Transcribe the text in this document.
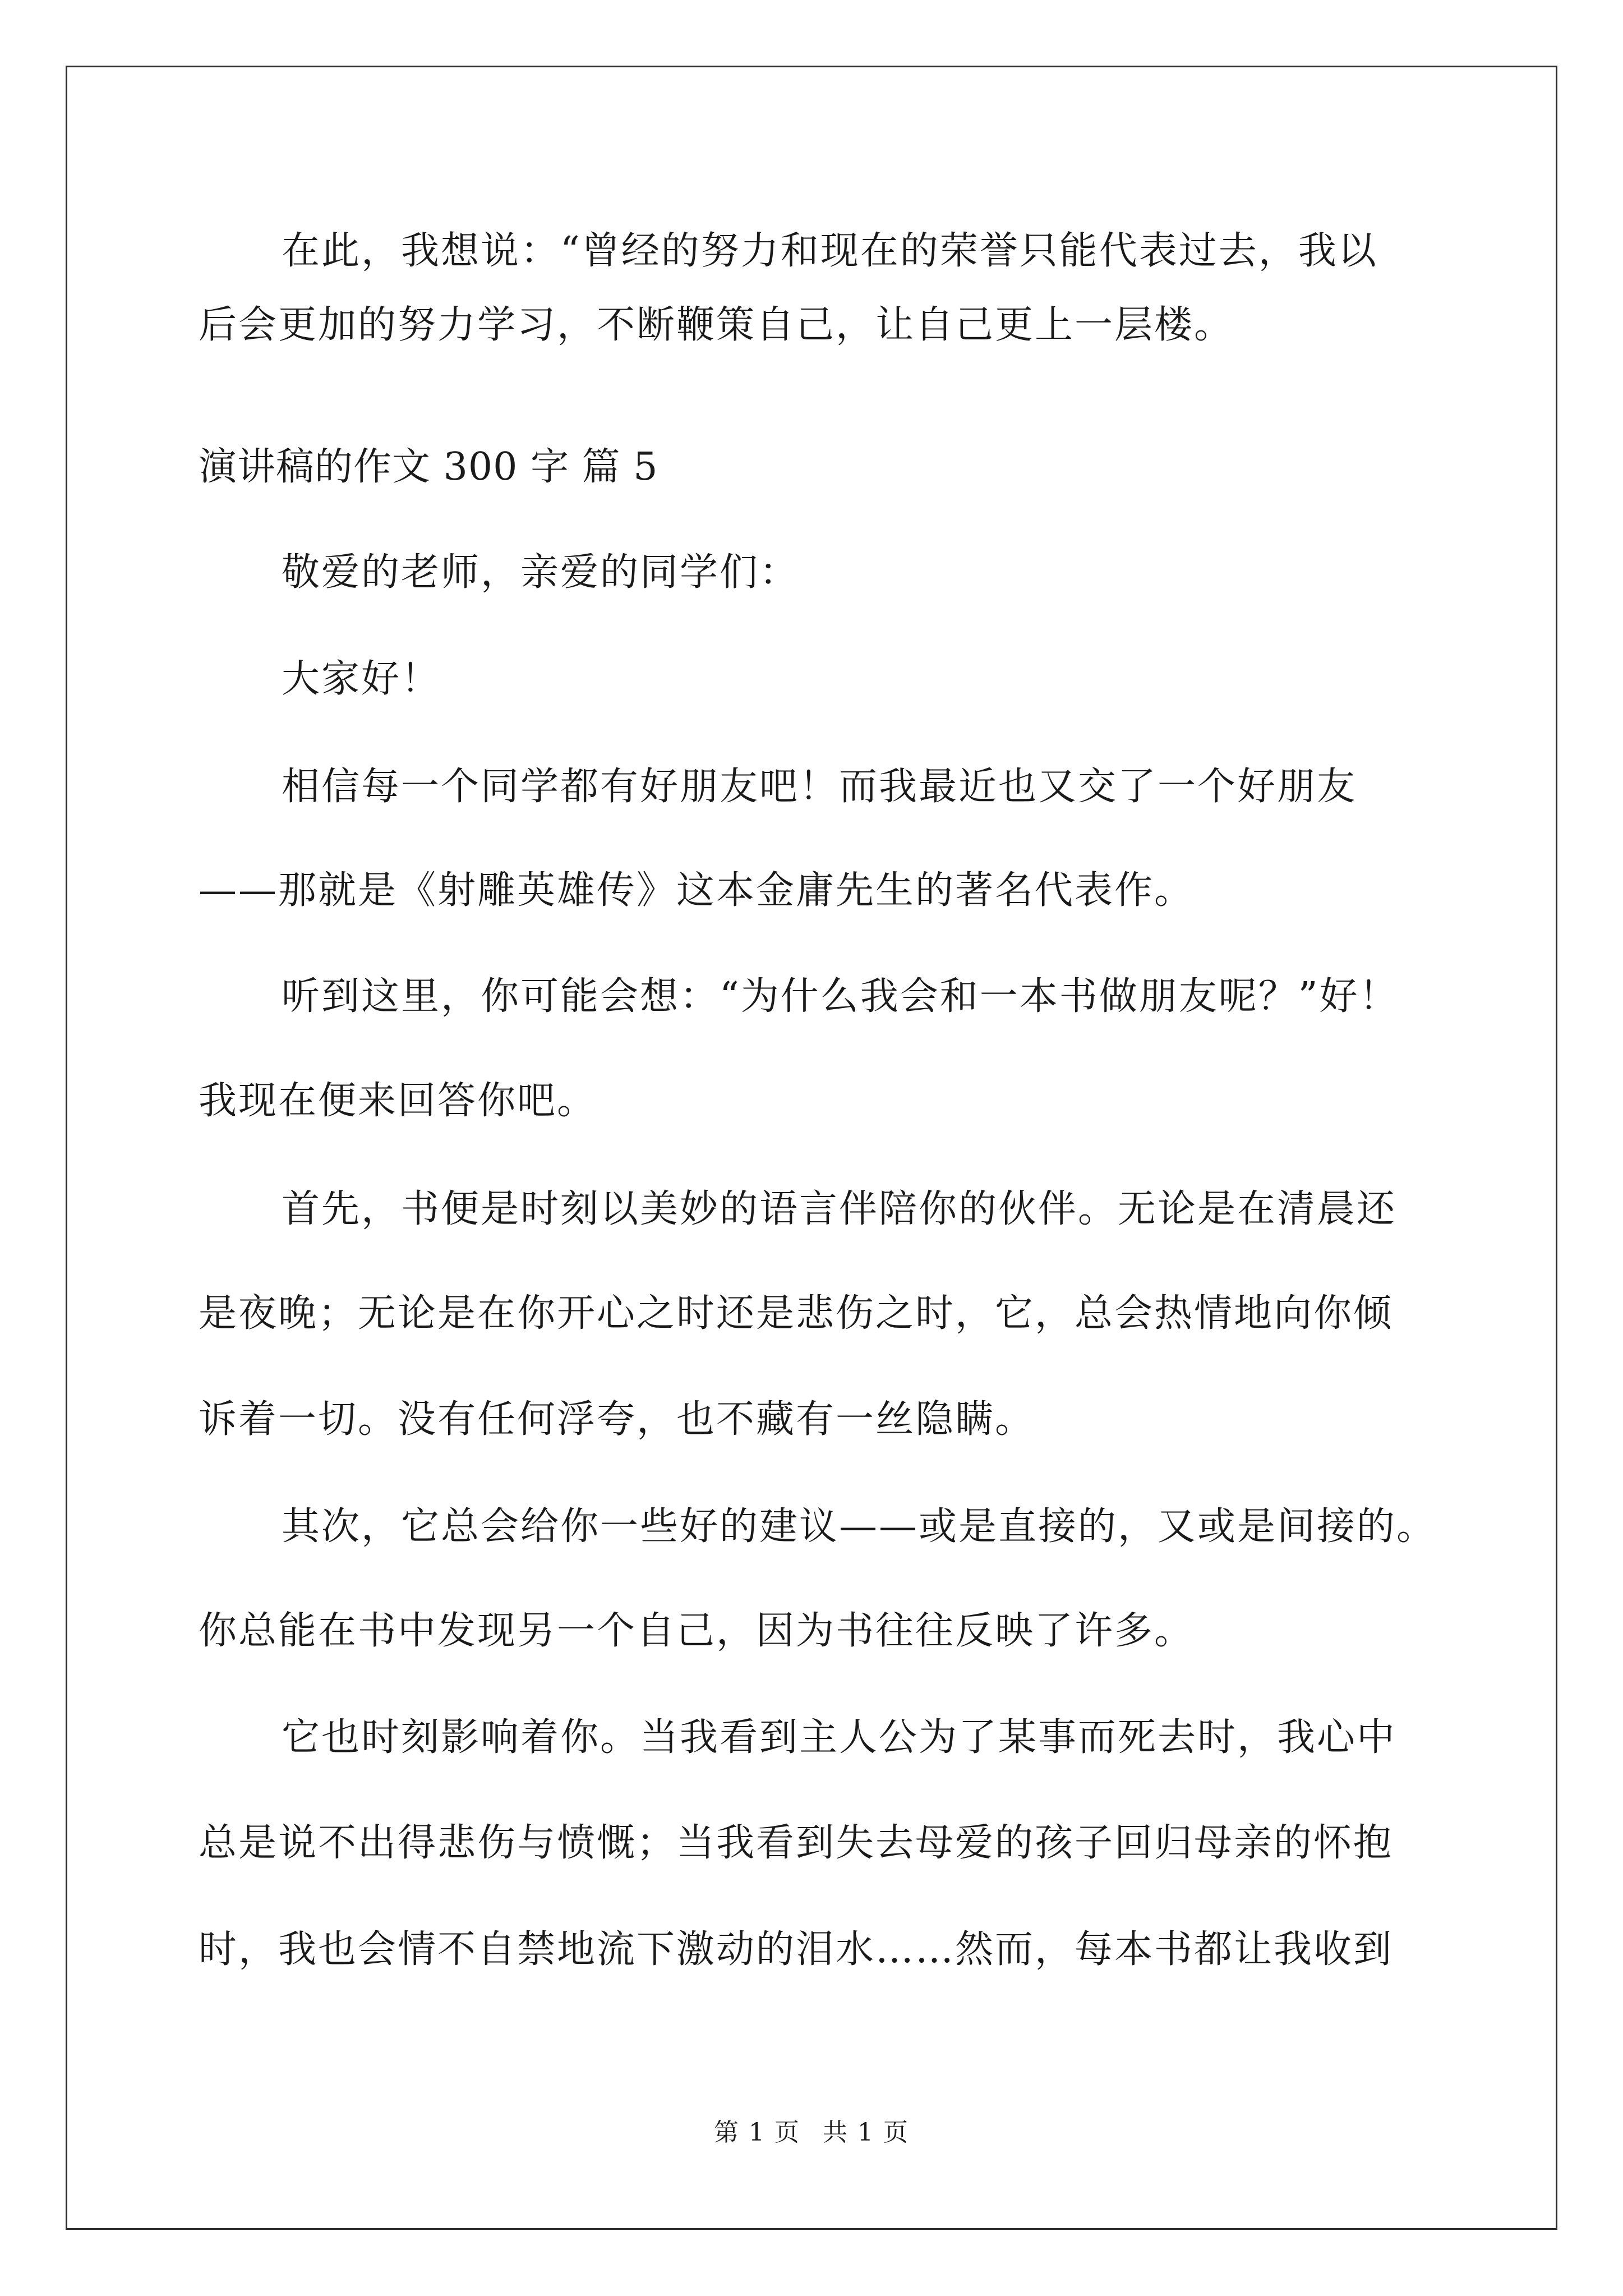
在此，我想说：“曾经的努力和现在的荣誉只能代表过去，我以
后会更加的努力学习，不断鞭策自己，让自己更上一层楼。
演讲稿的作文 300 字 篇 5
敬爱的老师，亲爱的同学们：
大家好！
相信每一个同学都有好朋友吧！而我最近也又交了一个好朋友
——那就是《射雕英雄传》这本金庸先生的著名代表作。
听到这里，你可能会想：“为什么我会和一本书做朋友呢？”好！
我现在便来回答你吧。
首先，书便是时刻以美妙的语言伴陪你的伙伴。无论是在清晨还
是夜晚；无论是在你开心之时还是悲伤之时，它，总会热情地向你倾
诉着一切。没有任何浮夸，也不藏有一丝隐瞒。
其次，它总会给你一些好的建议——或是直接的，又或是间接的。
你总能在书中发现另一个自己，因为书往往反映了许多。
它也时刻影响着你。当我看到主人公为了某事而死去时，我心中
总是说不出得悲伤与愤慨；当我看到失去母爱的孩子回归母亲的怀抱
时，我也会情不自禁地流下激动的泪水……然而，每本书都让我收到
第 1 页 共 1 页
